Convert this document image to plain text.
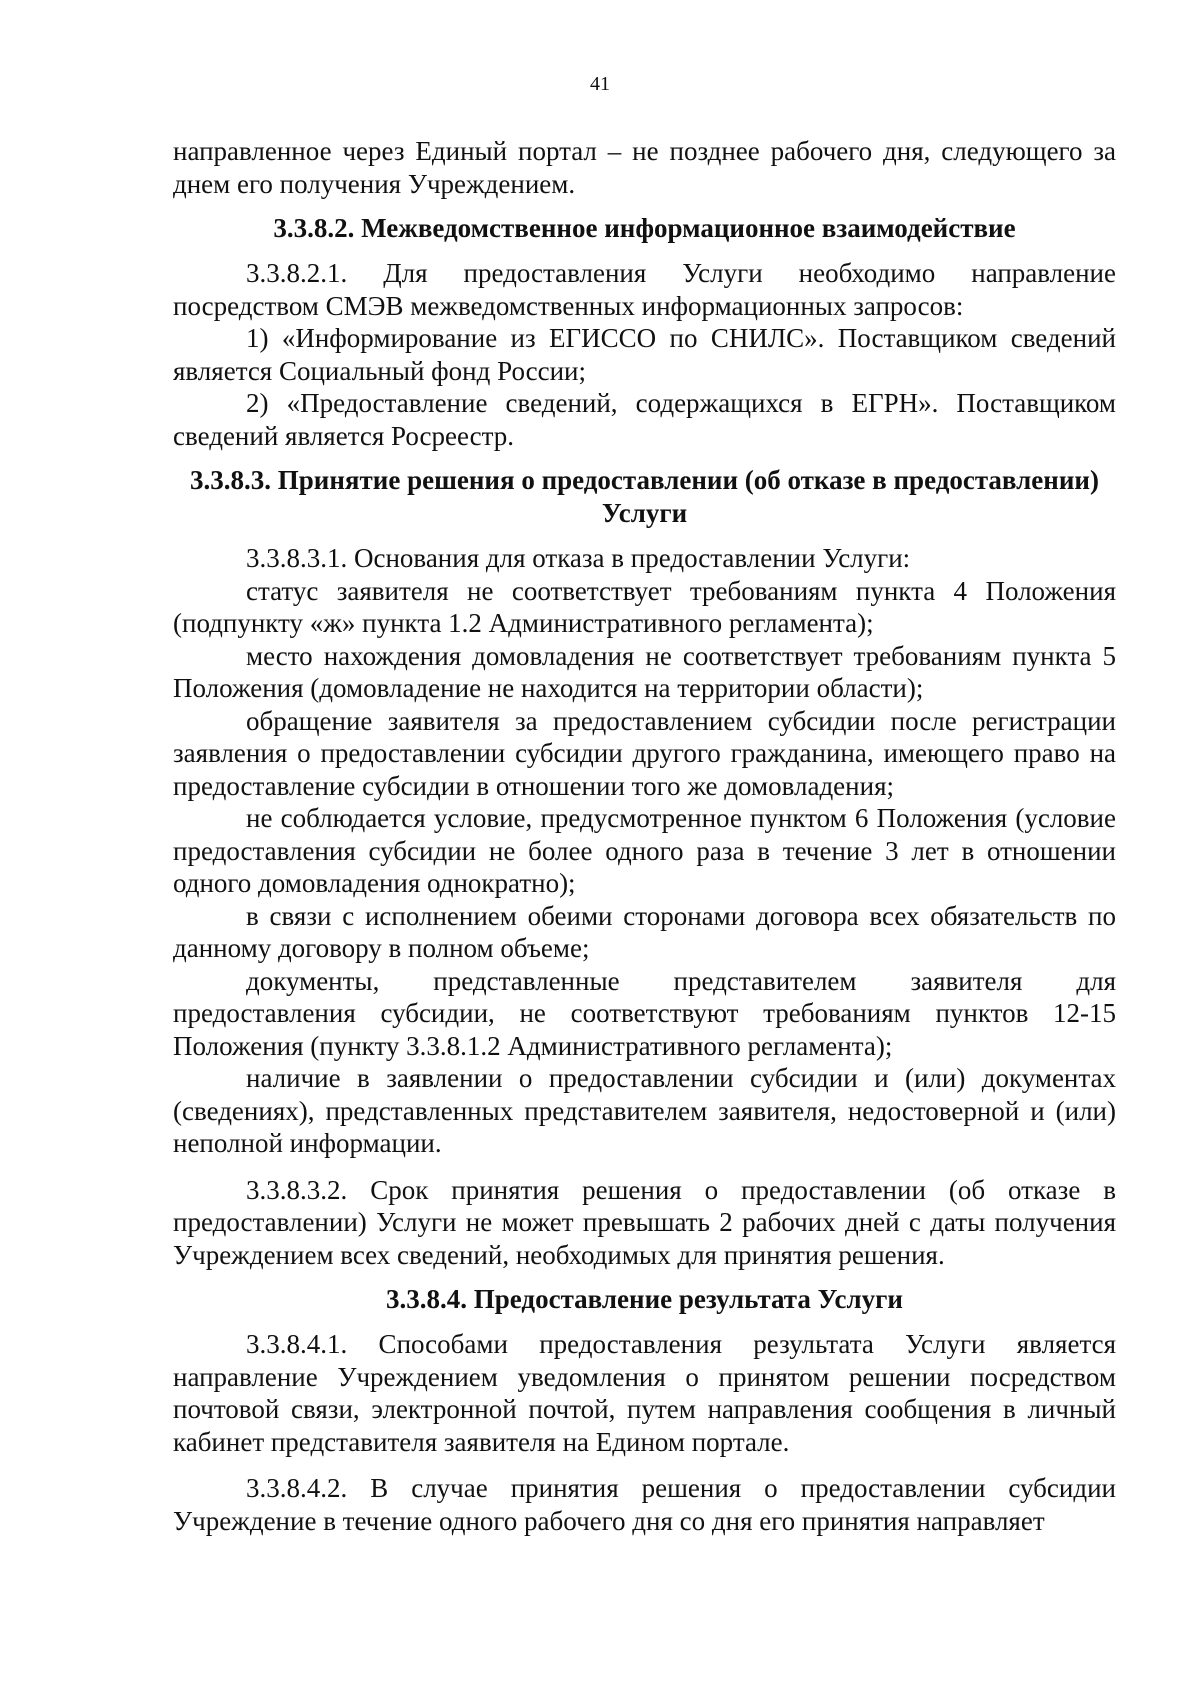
41

направленное через Единый портал – не позднее рабочего дня, следующего за днем его получения Учреждением.

3.3.8.2. Межведомственное информационное взаимодействие

3.3.8.2.1. Для предоставления Услуги необходимо направление посредством СМЭВ межведомственных информационных запросов:

1) «Информирование из ЕГИССО по СНИЛС». Поставщиком сведений является Социальный фонд России;

2) «Предоставление сведений, содержащихся в ЕГРН». Поставщиком сведений является Росреестр.

3.3.8.3. Принятие решения о предоставлении (об отказе в предоставлении) Услуги

3.3.8.3.1. Основания для отказа в предоставлении Услуги:

статус заявителя не соответствует требованиям пункта 4 Положения (подпункту «ж» пункта 1.2 Административного регламента);

место нахождения домовладения не соответствует требованиям пункта 5 Положения (домовладение не находится на территории области);

обращение заявителя за предоставлением субсидии после регистрации заявления о предоставлении субсидии другого гражданина, имеющего право на предоставление субсидии в отношении того же домовладения;

не соблюдается условие, предусмотренное пунктом 6 Положения (условие предоставления субсидии не более одного раза в течение 3 лет в отношении одного домовладения однократно);

в связи с исполнением обеими сторонами договора всех обязательств по данному договору в полном объеме;

документы, представленные представителем заявителя для предоставления субсидии, не соответствуют требованиям пунктов 12-15 Положения (пункту 3.3.8.1.2 Административного регламента);

наличие в заявлении о предоставлении субсидии и (или) документах (сведениях), представленных представителем заявителя, недостоверной и (или) неполной информации.

3.3.8.3.2. Срок принятия решения о предоставлении (об отказе в предоставлении) Услуги не может превышать 2 рабочих дней с даты получения Учреждением всех сведений, необходимых для принятия решения.

3.3.8.4. Предоставление результата Услуги

3.3.8.4.1. Способами предоставления результата Услуги является направление Учреждением уведомления о принятом решении посредством почтовой связи, электронной почтой, путем направления сообщения в личный кабинет представителя заявителя на Едином портале.

3.3.8.4.2. В случае принятия решения о предоставлении субсидии Учреждение в течение одного рабочего дня со дня его принятия направляет
